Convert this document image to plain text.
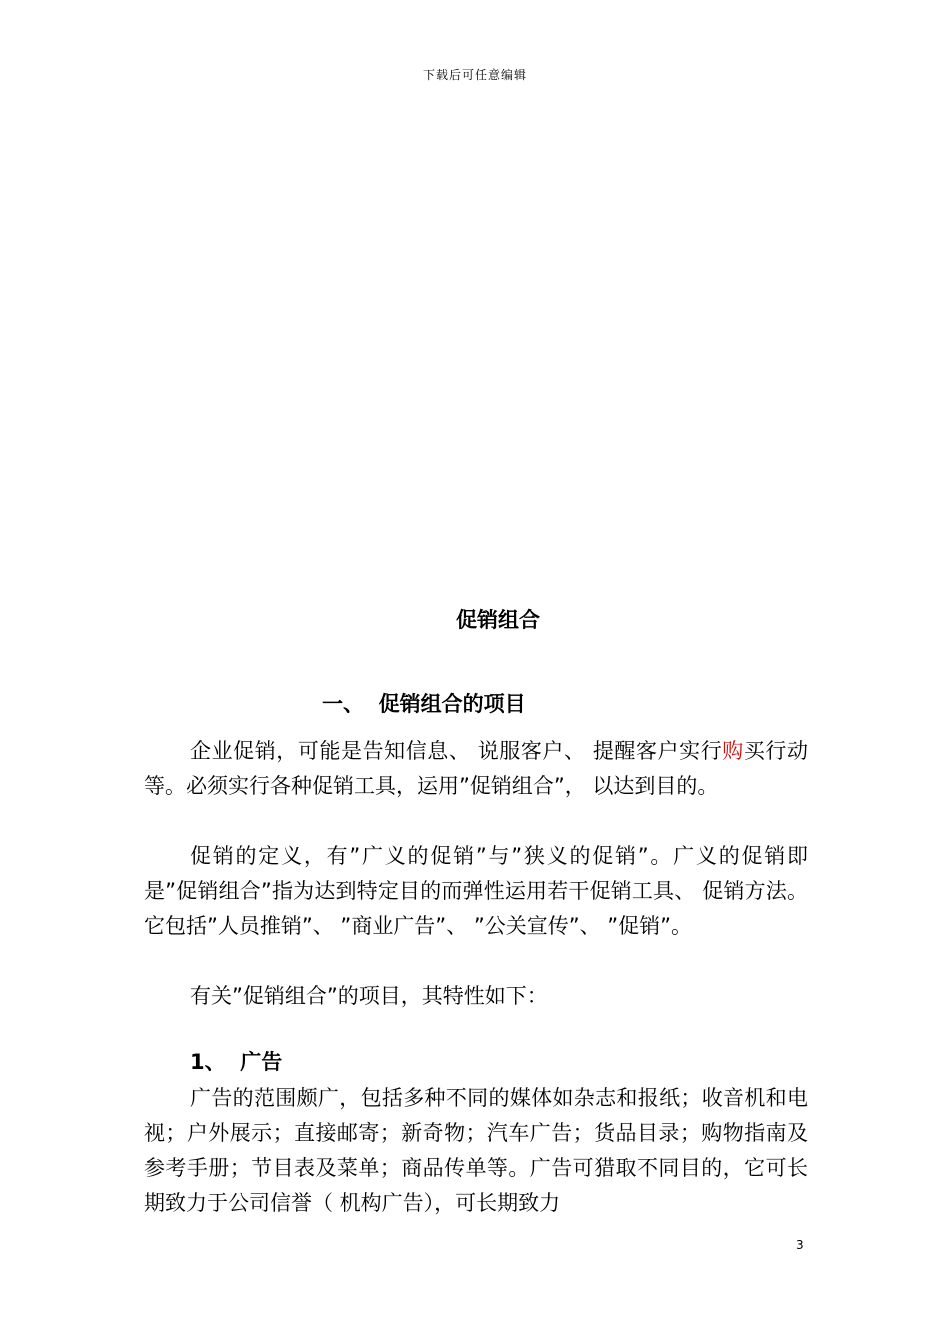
下载后可任意编辑
促销组合
一、  促销组合的项目

企业促销，可能是告知信息、 说服客户、 提醒客户实行购买行动等。必须实行各种促销工具，运用”促销组合”， 以达到目的。

促销的定义，有”广义的促销”与”狭义的促销”。广义的促销即是”促销组合”指为达到特定目的而弹性运用若干促销工具、 促销方法。它包括”人员推销”、 ”商业广告”、 ”公关宣传”、 ”促销”。

有关”促销组合”的项目，其特性如下：

1、  广告

广告的范围颇广，包括多种不同的媒体如杂志和报纸；收音机和电视；户外展示；直接邮寄；新奇物；汽车广告；货品目录；购物指南及参考手册；节目表及菜单；商品传单等。广告可猎取不同目的，它可长期致力于公司信誉（ 机构广告），可长期致力

3
